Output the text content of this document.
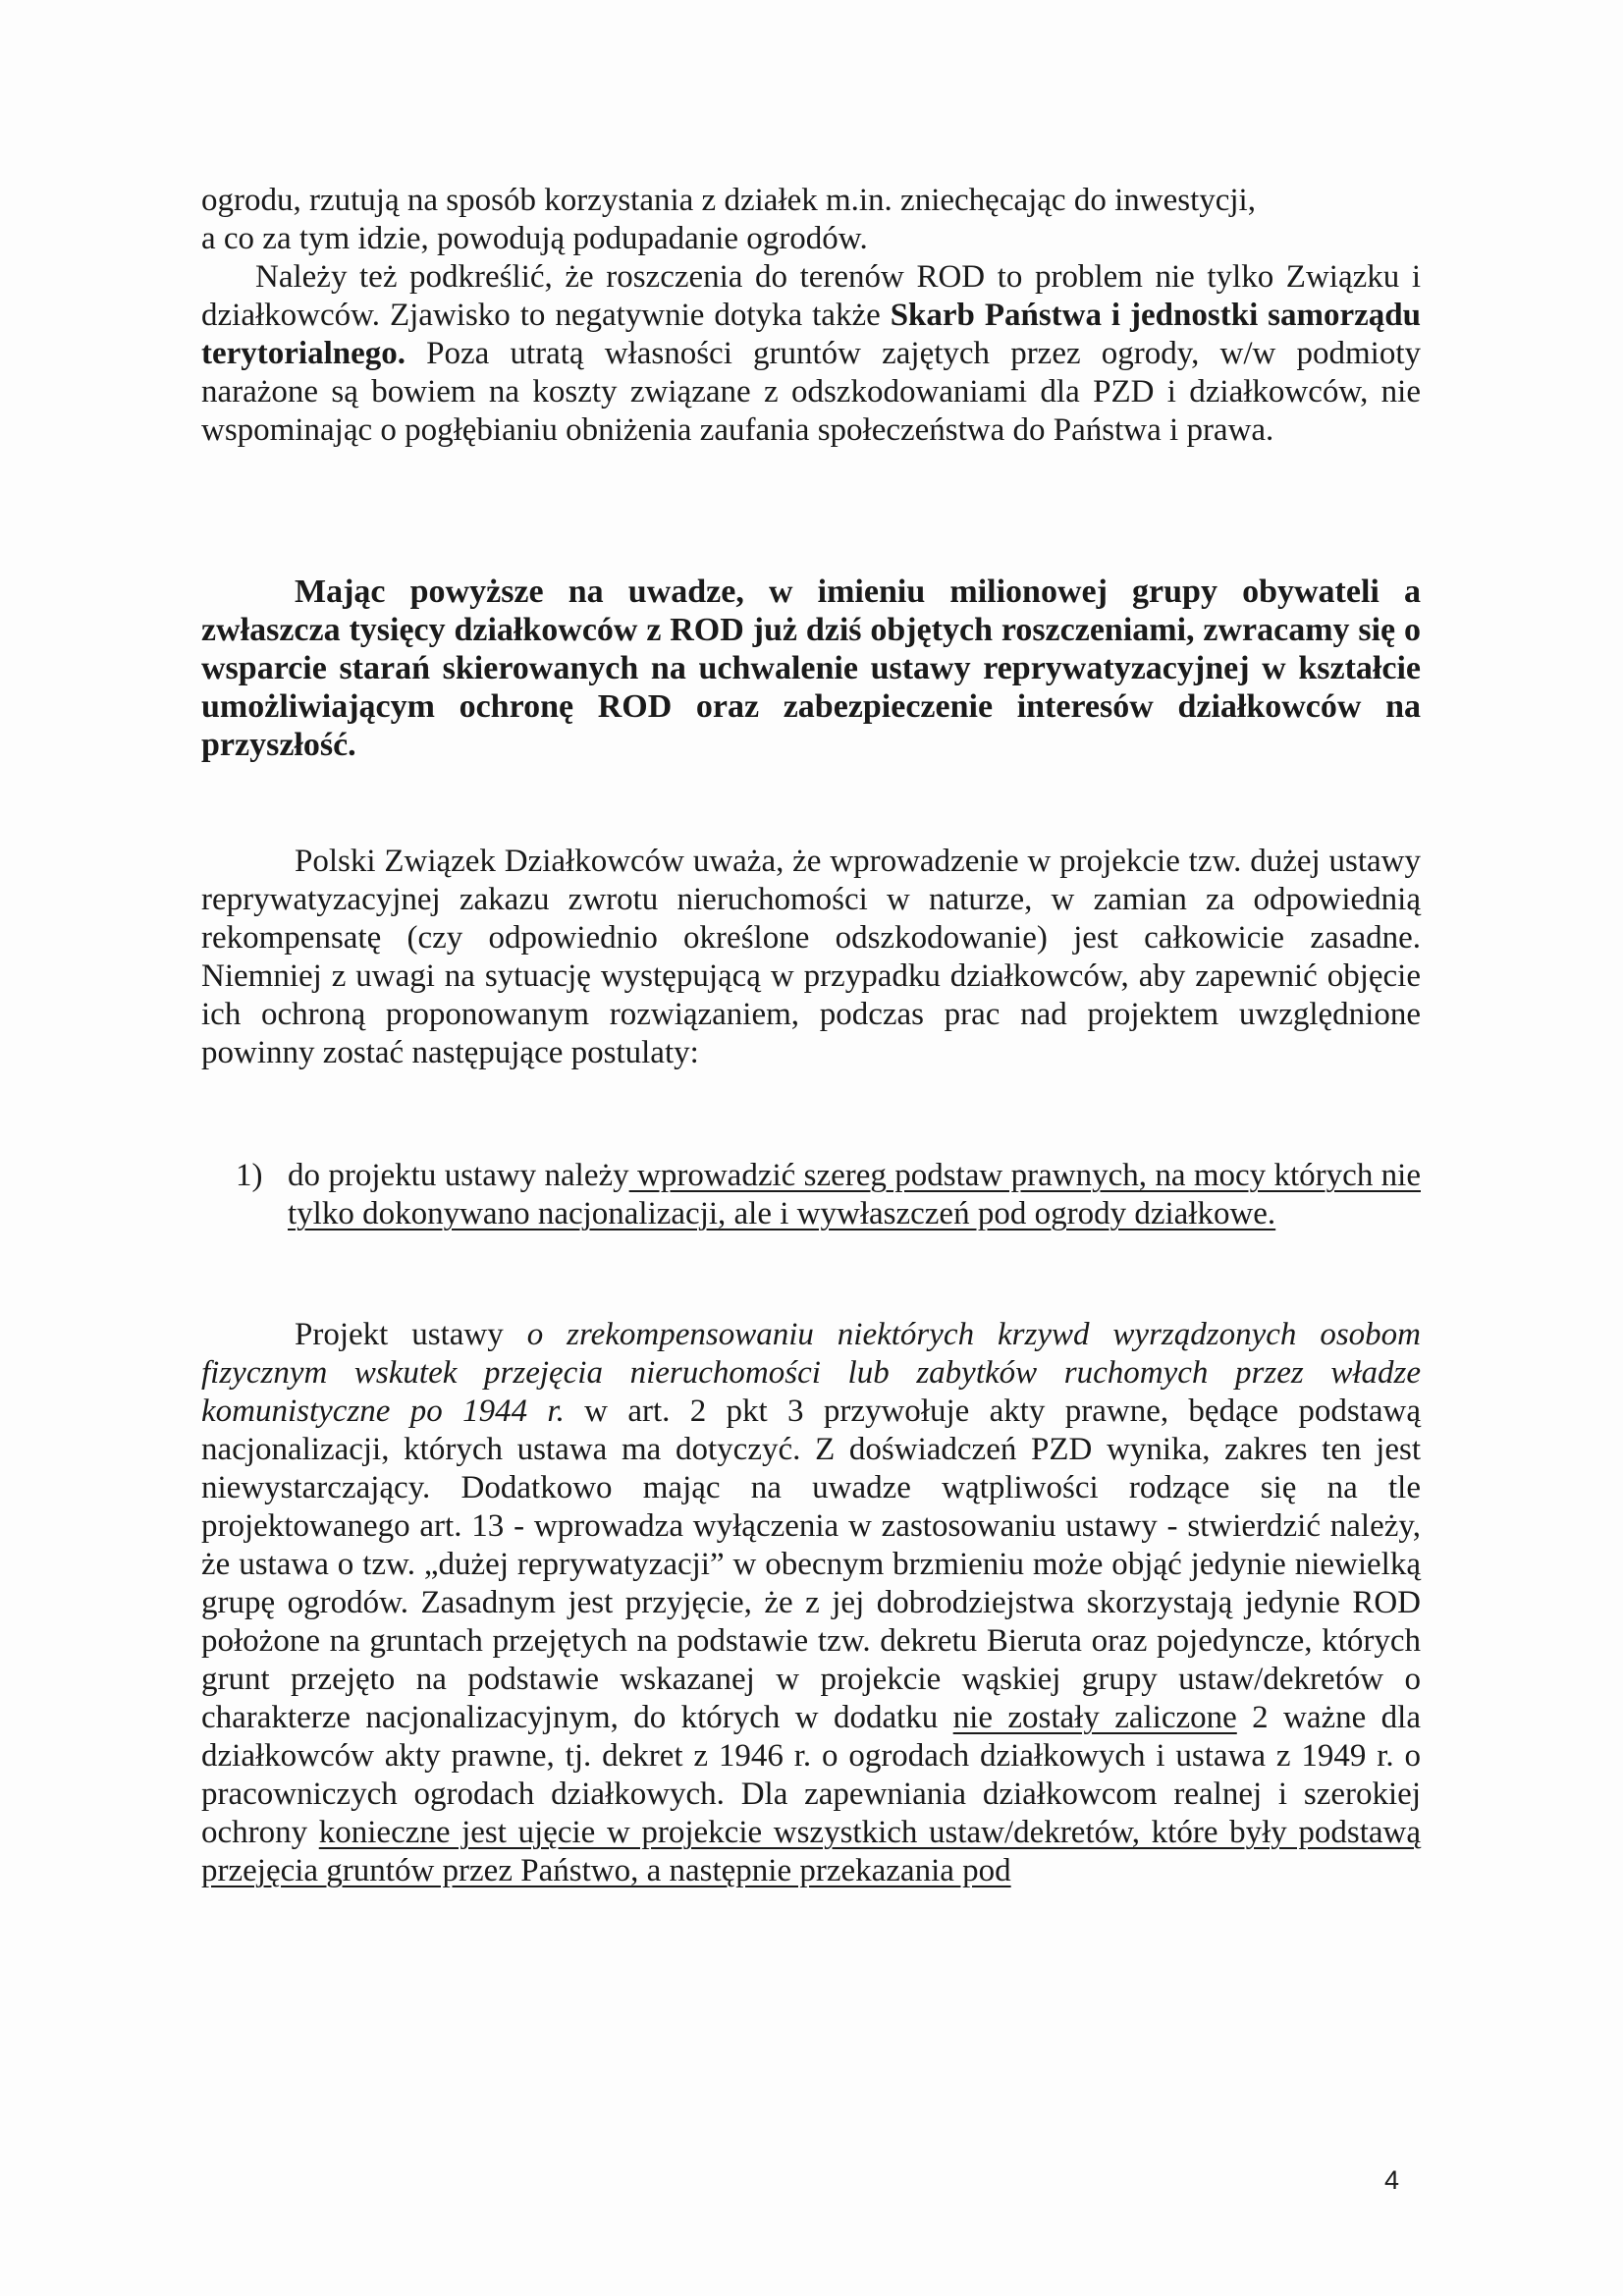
ogrodu, rzutują na sposób korzystania z działek m.in. zniechęcając do inwestycji,
a co za tym idzie, powodują podupadanie ogrodów.
Należy też podkreślić, że roszczenia do terenów ROD to problem nie tylko Związku i działkowców. Zjawisko to negatywnie dotyka także Skarb Państwa i jednostki samorządu terytorialnego. Poza utratą własności gruntów zajętych przez ogrody, w/w podmioty narażone są bowiem na koszty związane z odszkodowaniami dla PZD i działkowców, nie wspominając o pogłębianiu obniżenia zaufania społeczeństwa do Państwa i prawa.
Mając powyższe na uwadze, w imieniu milionowej grupy obywateli a zwłaszcza tysięcy działkowców z ROD już dziś objętych roszczeniami, zwracamy się o wsparcie starań skierowanych na uchwalenie ustawy reprywatyzacyjnej w kształcie umożliwiającym ochronę ROD oraz zabezpieczenie interesów działkowców na przyszłość.
Polski Związek Działkowców uważa, że wprowadzenie w projekcie tzw. dużej ustawy reprywatyzacyjnej zakazu zwrotu nieruchomości w naturze, w zamian za odpowiednią rekompensatę (czy odpowiednio określone odszkodowanie) jest całkowicie zasadne. Niemniej z uwagi na sytuację występującą w przypadku działkowców, aby zapewnić objęcie ich ochroną proponowanym rozwiązaniem, podczas prac nad projektem uwzględnione powinny zostać następujące postulaty:
1) do projektu ustawy należy wprowadzić szereg podstaw prawnych, na mocy których nie tylko dokonywano nacjonalizacji, ale i wywłaszczeń pod ogrody działkowe.
Projekt ustawy o zrekompensowaniu niektórych krzywd wyrządzonych osobom fizycznym wskutek przejęcia nieruchomości lub zabytków ruchomych przez władze komunistyczne po 1944 r. w art. 2 pkt 3 przywołuje akty prawne, będące podstawą nacjonalizacji, których ustawa ma dotyczyć. Z doświadczeń PZD wynika, zakres ten jest niewystarczający. Dodatkowo mając na uwadze wątpliwości rodzące się na tle projektowanego art. 13 - wprowadza wyłączenia w zastosowaniu ustawy - stwierdzić należy, że ustawa o tzw. „dużej reprywatyzacji” w obecnym brzmieniu może objąć jedynie niewielką grupę ogrodów. Zasadnym jest przyjęcie, że z jej dobrodziejstwa skorzystają jedynie ROD położone na gruntach przejętych na podstawie tzw. dekretu Bieruta oraz pojedyncze, których grunt przejęto na podstawie wskazanej w projekcie wąskiej grupy ustaw/dekretów o charakterze nacjonalizacyjnym, do których w dodatku nie zostały zaliczone 2 ważne dla działkowców akty prawne, tj. dekret z 1946 r. o ogrodach działkowych i ustawa z 1949 r. o pracowniczych ogrodach działkowych. Dla zapewniania działkowcom realnej i szerokiej ochrony konieczne jest ujęcie w projekcie wszystkich ustaw/dekretów, które były podstawą przejęcia gruntów przez Państwo, a następnie przekazania pod
4
